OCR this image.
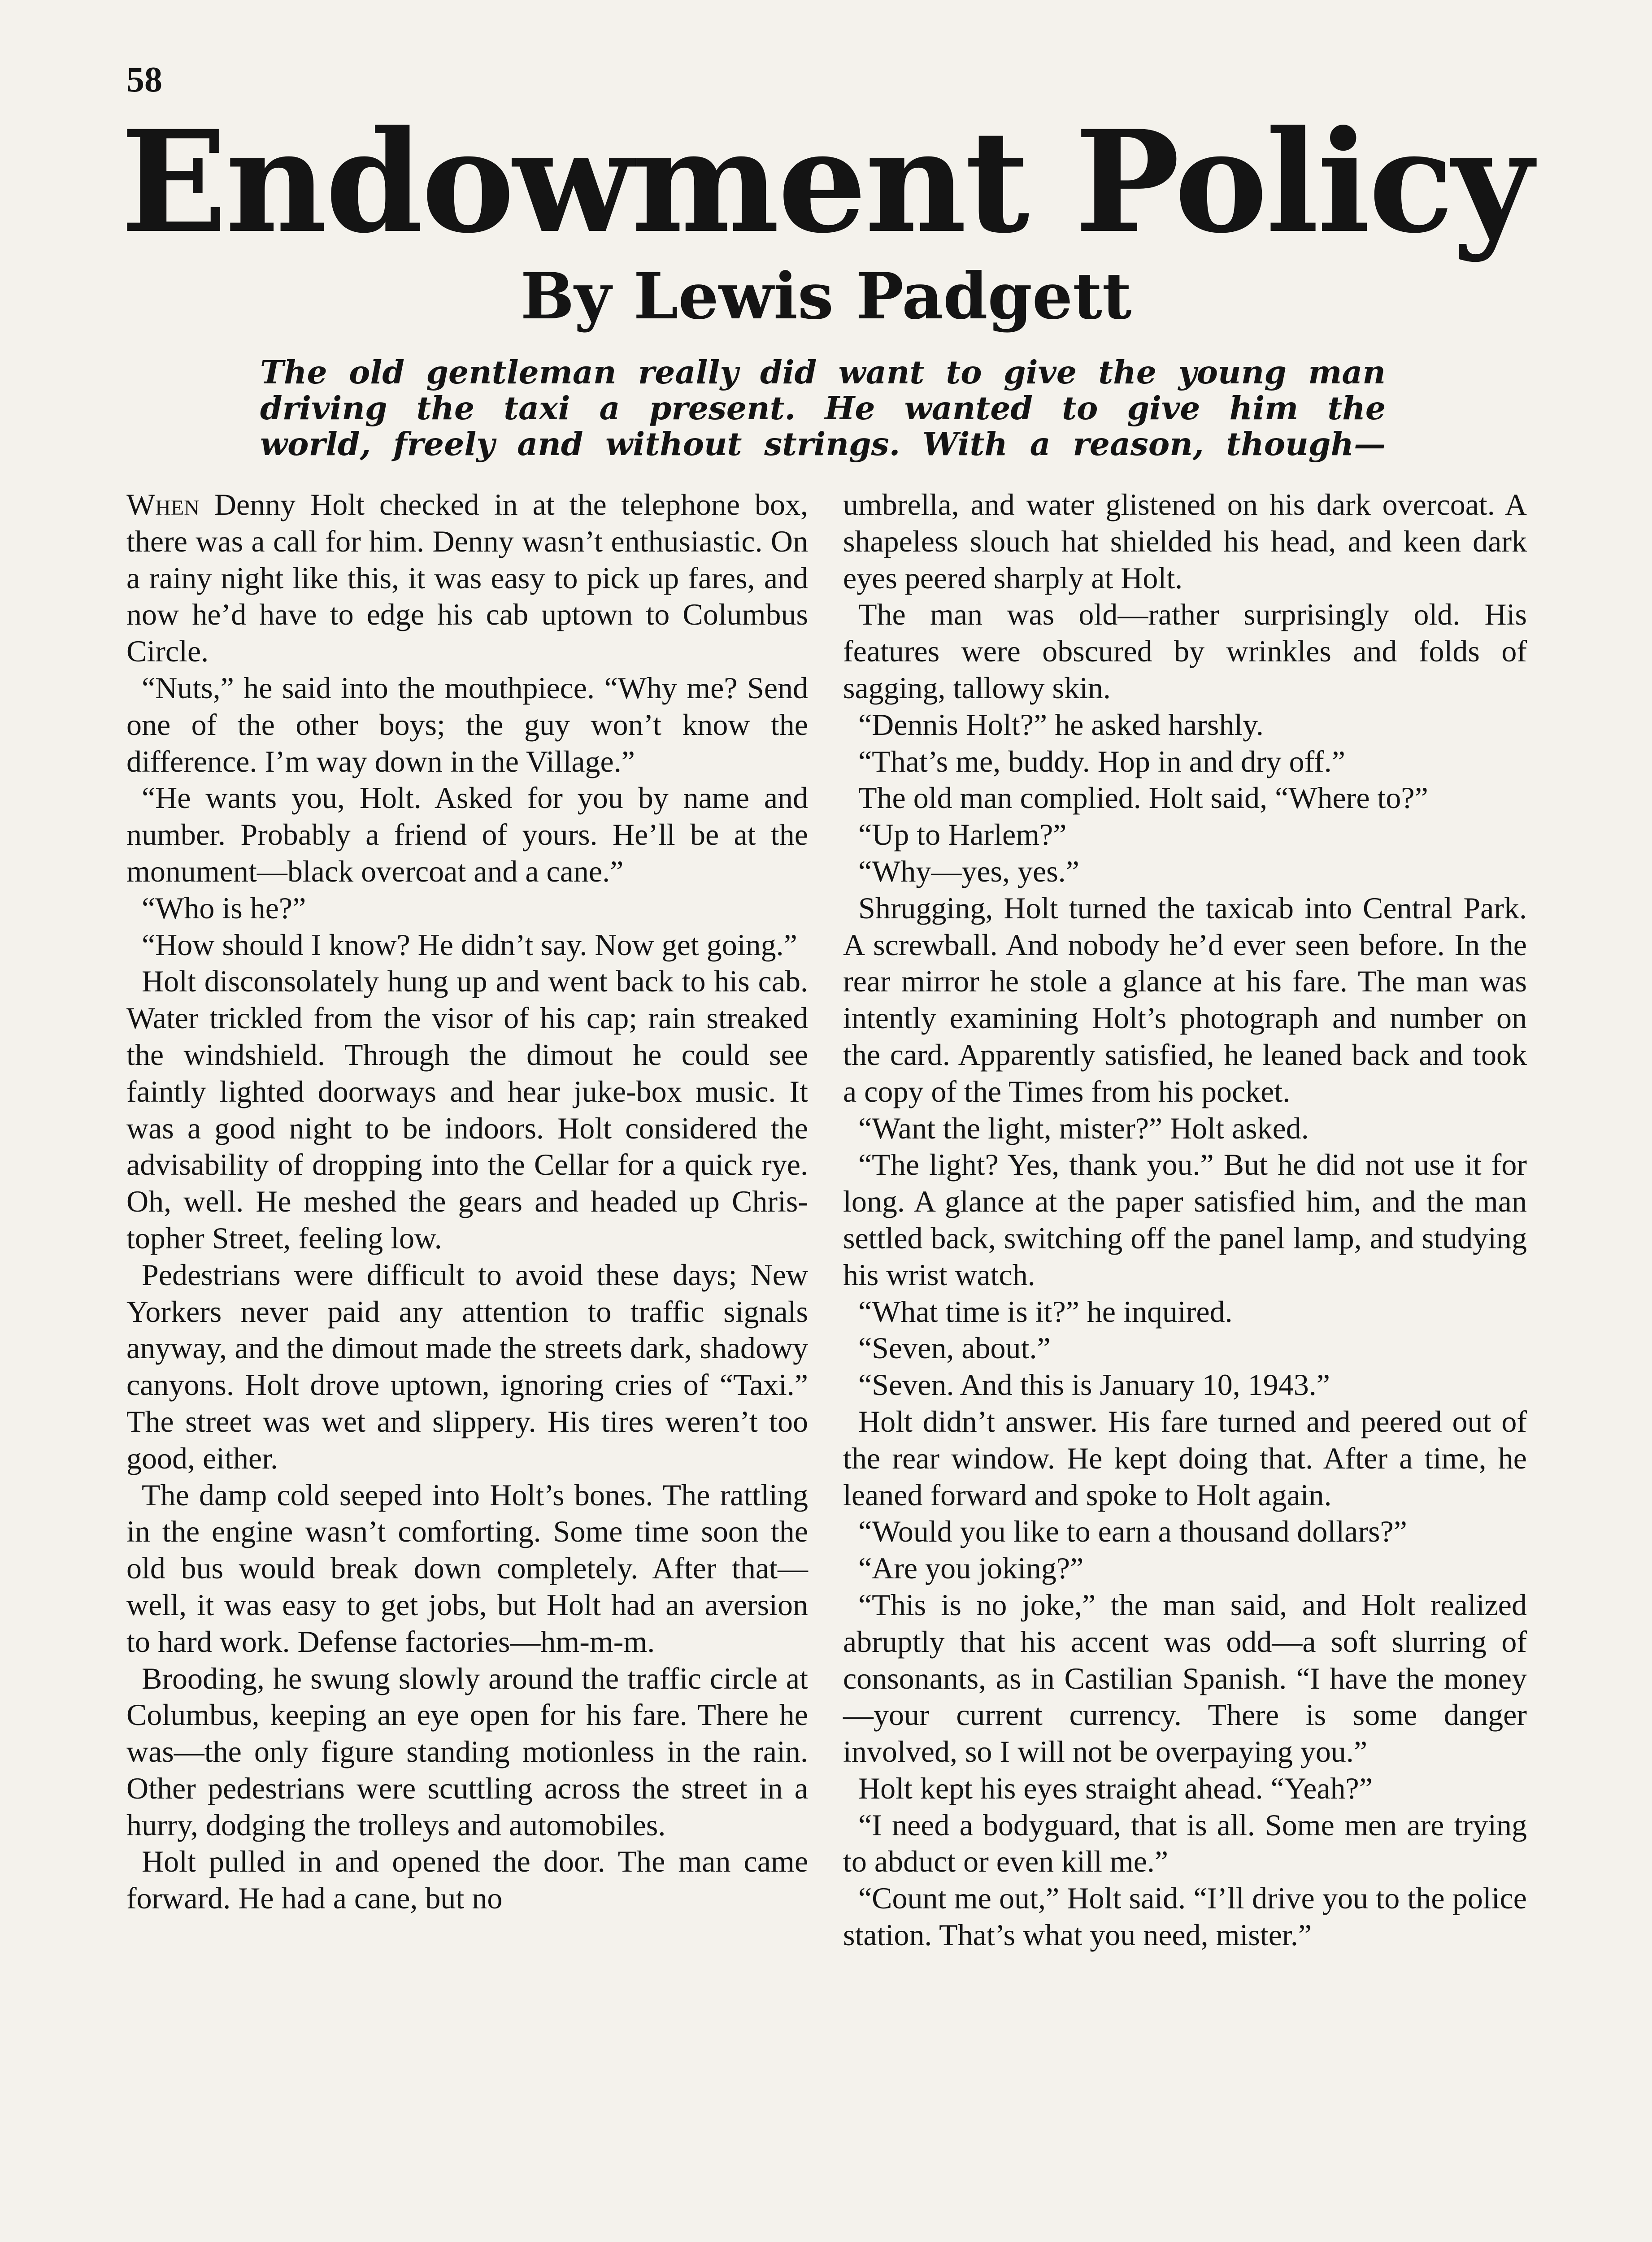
58
Endowment Policy
By Lewis Padgett
The old gentleman really did want to give the young man
driving the taxi a present. He wanted to give him the
world, freely and without strings. With a reason, though—

When Denny Holt checked in at the telephone box, there was a call for him. Denny wasn’t enthusiastic. On a rainy night like this, it was easy to pick up fares, and now he’d have to edge his cab uptown to Columbus Circle.

“Nuts,” he said into the mouthpiece. “Why me? Send one of the other boys; the guy won’t know the difference. I’m way down in the Village.”

“He wants you, Holt. Asked for you by name and number. Probably a friend of yours. He’ll be at the monument—black overcoat and a cane.”

“Who is he?”

“How should I know? He didn’t say. Now get going.”

Holt disconsolately hung up and went back to his cab. Water trickled from the visor of his cap; rain streaked the windshield. Through the dimout he could see faintly lighted doorways and hear juke-box music. It was a good night to be indoors. Holt considered the advisability of dropping into the Cellar for a quick rye. Oh, well. He meshed the gears and headed up Christopher Street, feeling low.

Pedestrians were difficult to avoid these days; New Yorkers never paid any attention to traffic signals anyway, and the dimout made the streets dark, shadowy canyons. Holt drove uptown, ignoring cries of “Taxi.” The street was wet and slippery. His tires weren’t too good, either.

The damp cold seeped into Holt’s bones. The rattling in the engine wasn’t comforting. Some time soon the old bus would break down completely. After that—well, it was easy to get jobs, but Holt had an aversion to hard work. Defense factories—hm-m-m.

Brooding, he swung slowly around the traffic circle at Columbus, keeping an eye open for his fare. There he was—the only figure standing motionless in the rain. Other pedestrians were scuttling across the street in a hurry, dodging the trolleys and automobiles.

Holt pulled in and opened the door. The man came forward. He had a cane, but no

umbrella, and water glistened on his dark overcoat. A shapeless slouch hat shielded his head, and keen dark eyes peered sharply at Holt.

The man was old—rather surprisingly old. His features were obscured by wrinkles and folds of sagging, tallowy skin.

“Dennis Holt?” he asked harshly.

“That’s me, buddy. Hop in and dry off.”

The old man complied. Holt said, “Where to?”

“Up to Harlem?”

“Why—yes, yes.”

Shrugging, Holt turned the taxicab into Central Park. A screwball. And nobody he’d ever seen before. In the rear mirror he stole a glance at his fare. The man was intently examining Holt’s photograph and number on the card. Apparently satisfied, he leaned back and took a copy of the Times from his pocket.

“Want the light, mister?” Holt asked.

“The light? Yes, thank you.” But he did not use it for long. A glance at the paper satisfied him, and the man settled back, switching off the panel lamp, and studying his wrist watch.

“What time is it?” he inquired.

“Seven, about.”

“Seven. And this is January 10, 1943.”

Holt didn’t answer. His fare turned and peered out of the rear window. He kept doing that. After a time, he leaned forward and spoke to Holt again.

“Would you like to earn a thousand dollars?”

“Are you joking?”

“This is no joke,” the man said, and Holt realized abruptly that his accent was odd—a soft slurring of consonants, as in Castilian Spanish. “I have the money—your current currency. There is some danger involved, so I will not be overpaying you.”

Holt kept his eyes straight ahead. “Yeah?”

“I need a bodyguard, that is all. Some men are trying to abduct or even kill me.”

“Count me out,” Holt said. “I’ll drive you to the police station. That’s what you need, mister.”
